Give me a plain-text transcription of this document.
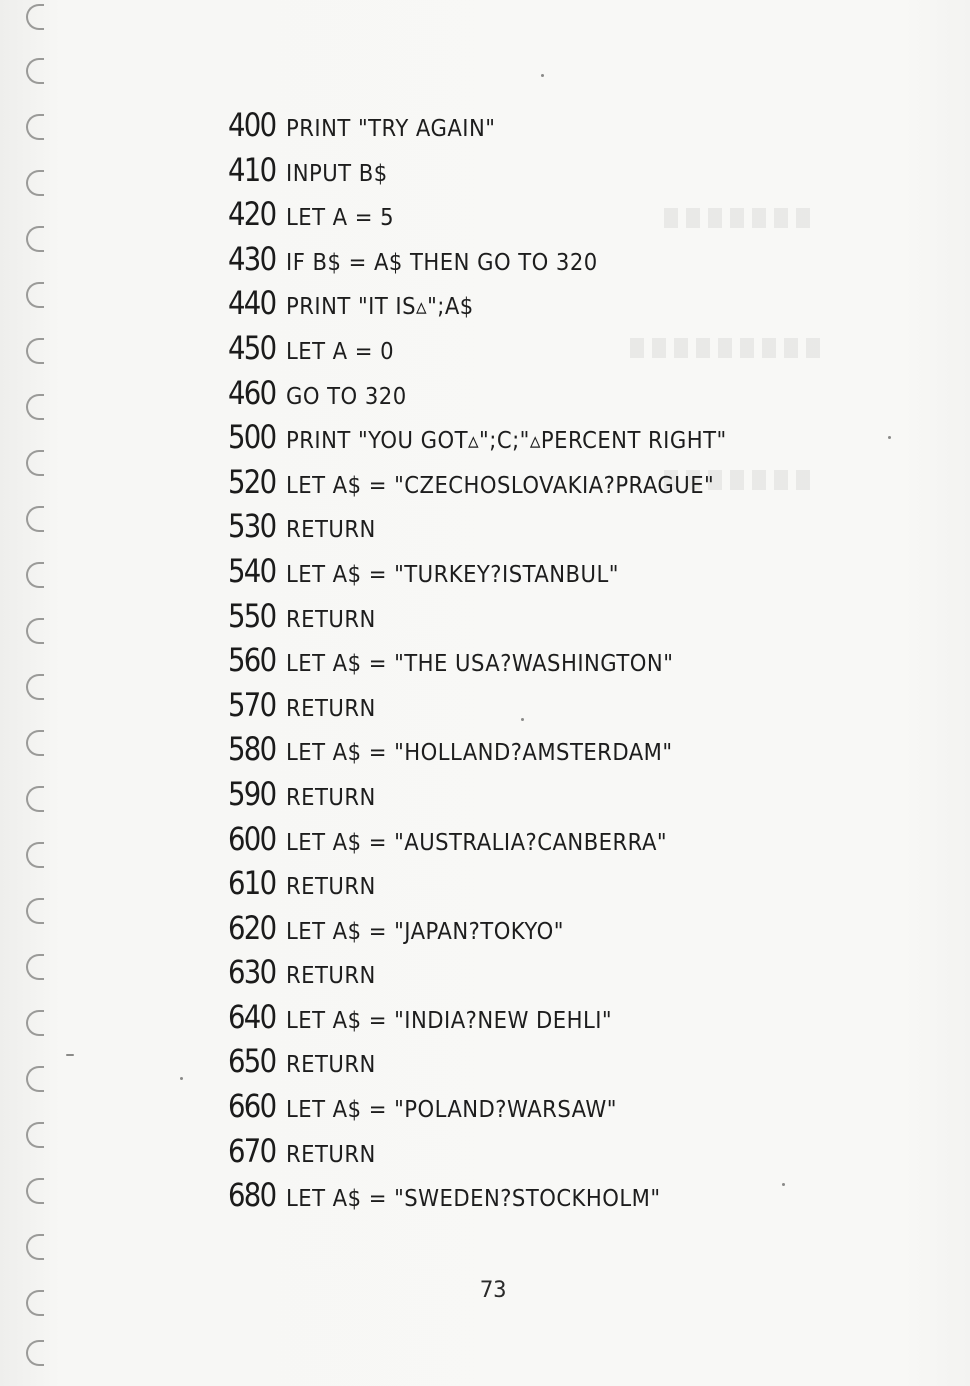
400 PRINT "TRY AGAIN"
410 INPUT B$
420 LET A = 5
430 IF B$ = A$ THEN GO TO 320
440 PRINT "IT IS▵";A$
450 LET A = 0
460 GO TO 320
500 PRINT "YOU GOT▵";C;"▵PERCENT RIGHT"
520 LET A$ = "CZECHOSLOVAKIA?PRAGUE"
530 RETURN
540 LET A$ = "TURKEY?ISTANBUL"
550 RETURN
560 LET A$ = "THE USA?WASHINGTON"
570 RETURN
580 LET A$ = "HOLLAND?AMSTERDAM"
590 RETURN
600 LET A$ = "AUSTRALIA?CANBERRA"
610 RETURN
620 LET A$ = "JAPAN?TOKYO"
630 RETURN
640 LET A$ = "INDIA?NEW DEHLI"
650 RETURN
660 LET A$ = "POLAND?WARSAW"
670 RETURN
680 LET A$ = "SWEDEN?STOCKHOLM"
73
